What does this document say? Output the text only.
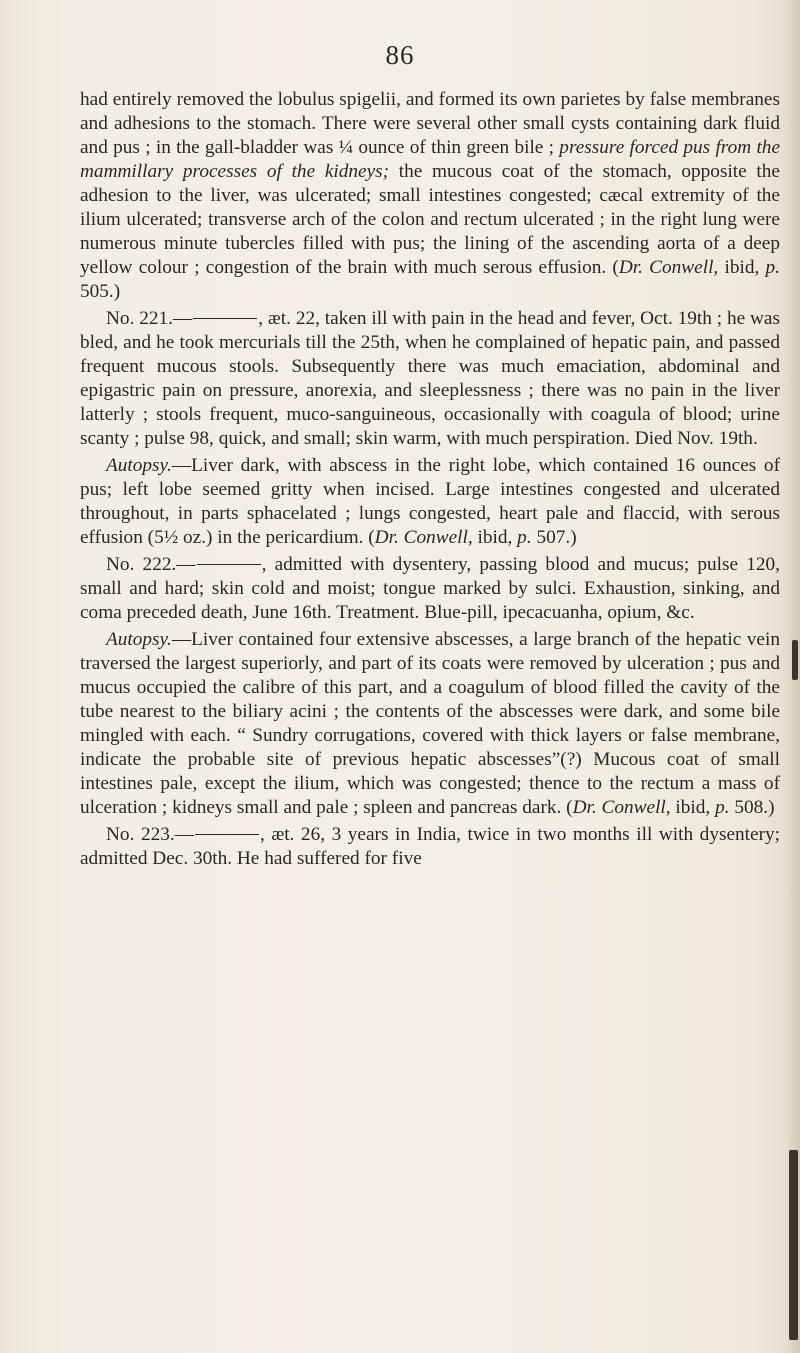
86

had entirely removed the lobulus spigelii, and formed its own parietes by false membranes and adhesions to the stomach. There were several other small cysts containing dark fluid and pus ; in the gall-bladder was ¼ ounce of thin green bile ; pressure forced pus from the mammillary processes of the kidneys; the mucous coat of the stomach, opposite the adhesion to the liver, was ulcerated; small intestines congested; cæcal extremity of the ilium ulcerated; transverse arch of the colon and rectum ulcerated ; in the right lung were numerous minute tubercles filled with pus; the lining of the ascending aorta of a deep yellow colour ; congestion of the brain with much serous effusion. (Dr. Conwell, ibid, p. 505.)

No. 221.—	, æt. 22, taken ill with pain in the head and fever, Oct. 19th ; he was bled, and he took mercurials till the 25th, when he complained of hepatic pain, and passed frequent mucous stools. Subsequently there was much emaciation, abdominal and epigastric pain on pressure, anorexia, and sleeplessness ; there was no pain in the liver latterly ; stools frequent, muco-sanguineous, occasionally with coagula of blood; urine scanty ; pulse 98, quick, and small; skin warm, with much perspiration. Died Nov. 19th.

Autopsy.—Liver dark, with abscess in the right lobe, which contained 16 ounces of pus; left lobe seemed gritty when incised. Large intestines congested and ulcerated throughout, in parts sphacelated ; lungs congested, heart pale and flaccid, with serous effusion (5½ oz.) in the pericardium. (Dr. Conwell, ibid, p. 507.)

No. 222.—	, admitted with dysentery, passing blood and mucus; pulse 120, small and hard; skin cold and moist; tongue marked by sulci. Exhaustion, sinking, and coma preceded death, June 16th. Treatment. Blue-pill, ipecacuanha, opium, &c.

Autopsy.—Liver contained four extensive abscesses, a large branch of the hepatic vein traversed the largest superiorly, and part of its coats were removed by ulceration ; pus and mucus occupied the calibre of this part, and a coagulum of blood filled the cavity of the tube nearest to the biliary acini ; the contents of the abscesses were dark, and some bile mingled with each. “ Sundry corrugations, covered with thick layers or false membrane, indicate the probable site of previous hepatic abscesses”(?) Mucous coat of small intestines pale, except the ilium, which was congested; thence to the rectum a mass of ulceration ; kidneys small and pale ; spleen and pancreas dark. (Dr. Conwell, ibid, p. 508.)

No. 223.—	, æt. 26, 3 years in India, twice in two months ill with dysentery; admitted Dec. 30th. He had suffered for five
